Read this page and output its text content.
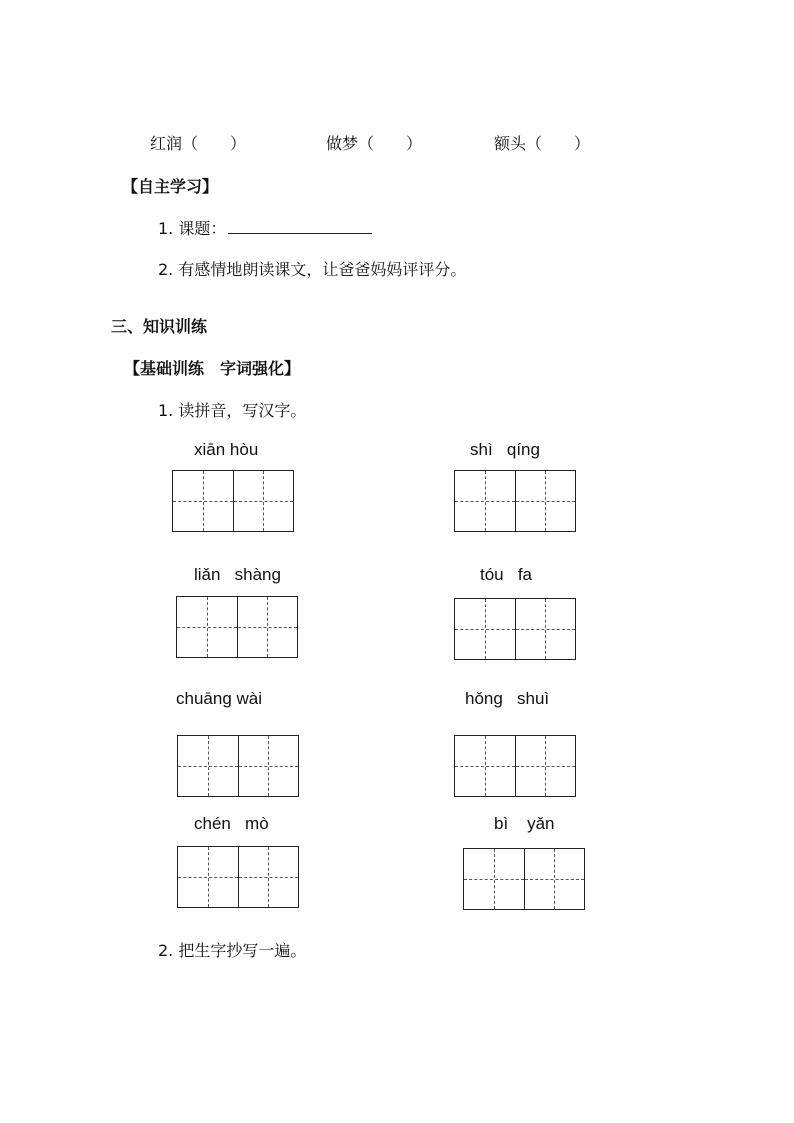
红润（　　）	做梦（　　）	额头（　　）
【自主学习】
1. 课题：
2. 有感情地朗读课文，让爸爸妈妈评评分。
三、知识训练
【基础训练　字词强化】
1. 读拼音，写汉字。
xiān hòu	shì qíng
liǎn shàng	tóu fa
chuāng wài	hǒng shuì
chén mò	bì yǎn
2. 把生字抄写一遍。
